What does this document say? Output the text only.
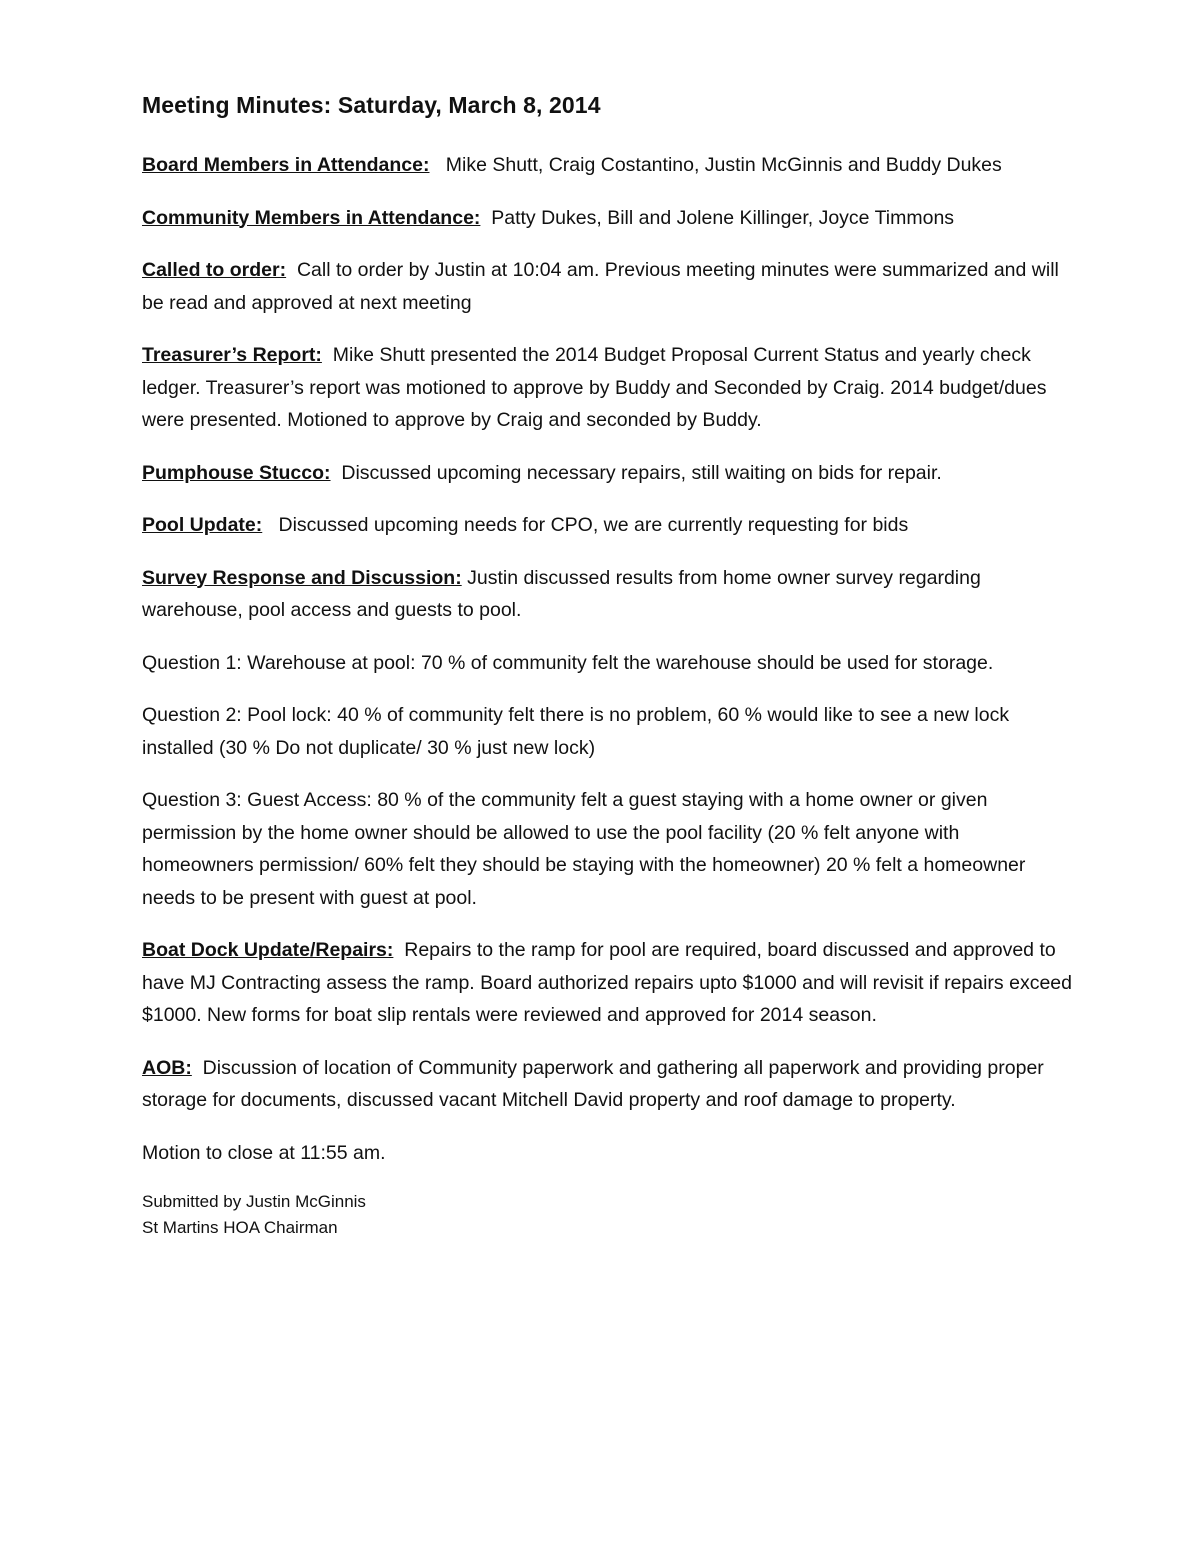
Meeting Minutes: Saturday, March 8, 2014

Board Members in Attendance: Mike Shutt, Craig Costantino, Justin McGinnis and Buddy Dukes

Community Members in Attendance: Patty Dukes, Bill and Jolene Killinger, Joyce Timmons

Called to order: Call to order by Justin at 10:04 am. Previous meeting minutes were summarized and will be read and approved at next meeting

Treasurer’s Report: Mike Shutt presented the 2014 Budget Proposal Current Status and yearly check ledger. Treasurer’s report was motioned to approve by Buddy and Seconded by Craig. 2014 budget/dues were presented. Motioned to approve by Craig and seconded by Buddy.

Pumphouse Stucco: Discussed upcoming necessary repairs, still waiting on bids for repair.

Pool Update: Discussed upcoming needs for CPO, we are currently requesting for bids

Survey Response and Discussion: Justin discussed results from home owner survey regarding warehouse, pool access and guests to pool.

Question 1: Warehouse at pool: 70 % of community felt the warehouse should be used for storage.

Question 2: Pool lock: 40 % of community felt there is no problem, 60 % would like to see a new lock installed (30 % Do not duplicate/ 30 % just new lock)

Question 3: Guest Access: 80 % of the community felt a guest staying with a home owner or given permission by the home owner should be allowed to use the pool facility (20 % felt anyone with homeowners permission/ 60% felt they should be staying with the homeowner) 20 % felt a homeowner needs to be present with guest at pool.

Boat Dock Update/Repairs: Repairs to the ramp for pool are required, board discussed and approved to have MJ Contracting assess the ramp. Board authorized repairs upto $1000 and will revisit if repairs exceed $1000. New forms for boat slip rentals were reviewed and approved for 2014 season.

AOB: Discussion of location of Community paperwork and gathering all paperwork and providing proper storage for documents, discussed vacant Mitchell David property and roof damage to property.

Motion to close at 11:55 am.

Submitted by Justin McGinnis
St Martins HOA Chairman
